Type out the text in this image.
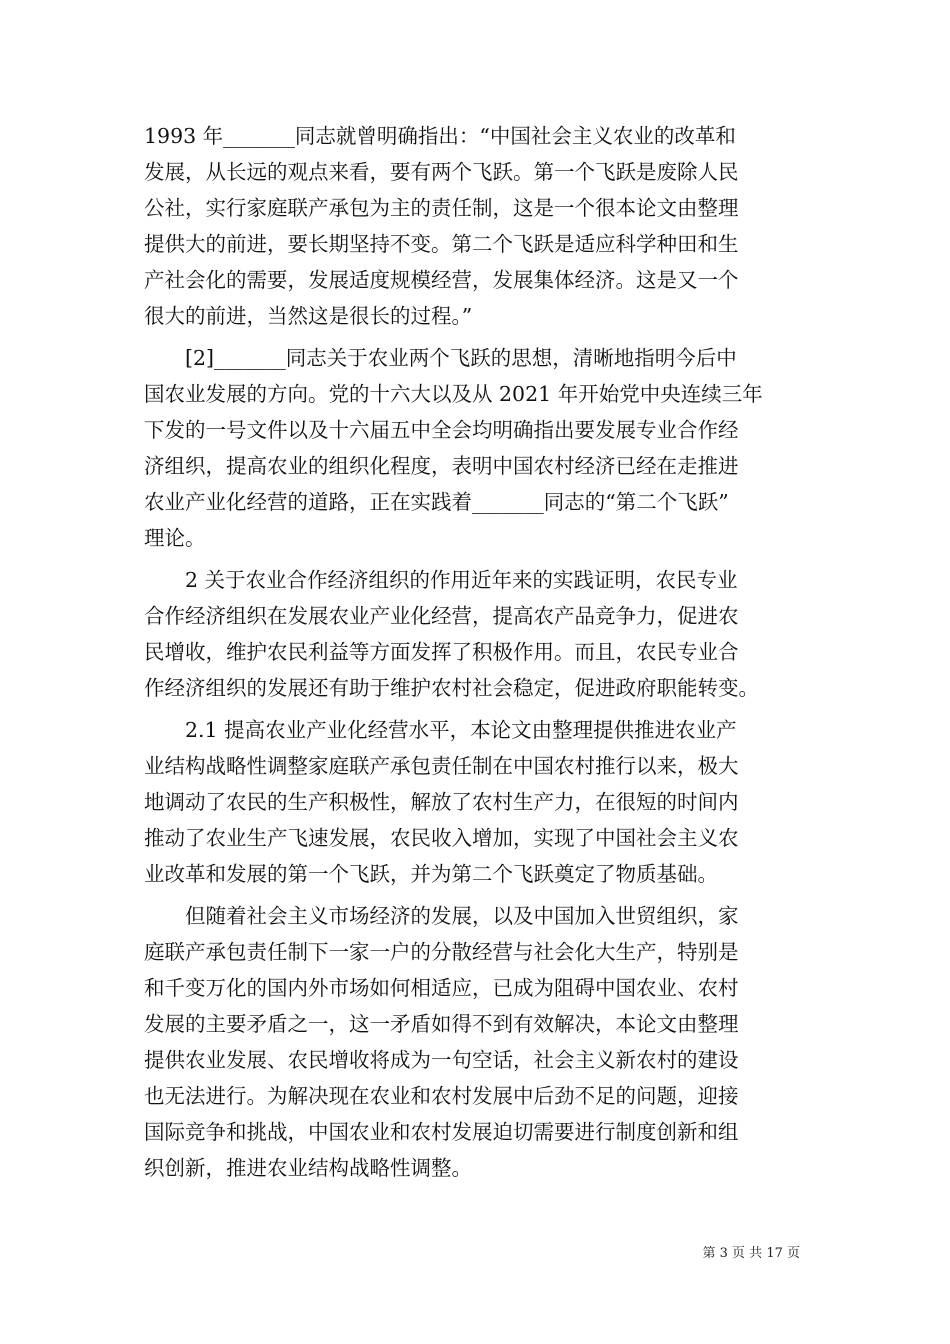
1993 年_______同志就曾明确指出：“中国社会主义农业的改革和
发展，从长远的观点来看，要有两个飞跃。第一个飞跃是废除人民
公社，实行家庭联产承包为主的责任制，这是一个很本论文由整理
提供大的前进，要长期坚持不变。第二个飞跃是适应科学种田和生
产社会化的需要，发展适度规模经营，发展集体经济。这是又一个
很大的前进，当然这是很长的过程。”
[2]_______同志关于农业两个飞跃的思想，清晰地指明今后中
国农业发展的方向。党的十六大以及从 2021 年开始党中央连续三年
下发的一号文件以及十六届五中全会均明确指出要发展专业合作经
济组织，提高农业的组织化程度，表明中国农村经济已经在走推进
农业产业化经营的道路，正在实践着_______同志的“第二个飞跃”
理论。
2 关于农业合作经济组织的作用近年来的实践证明，农民专业
合作经济组织在发展农业产业化经营，提高农产品竞争力，促进农
民增收，维护农民利益等方面发挥了积极作用。而且，农民专业合
作经济组织的发展还有助于维护农村社会稳定，促进政府职能转变。
2.1 提高农业产业化经营水平，本论文由整理提供推进农业产
业结构战略性调整家庭联产承包责任制在中国农村推行以来，极大
地调动了农民的生产积极性，解放了农村生产力，在很短的时间内
推动了农业生产飞速发展，农民收入增加，实现了中国社会主义农
业改革和发展的第一个飞跃，并为第二个飞跃奠定了物质基础。
但随着社会主义市场经济的发展，以及中国加入世贸组织，家
庭联产承包责任制下一家一户的分散经营与社会化大生产，特别是
和千变万化的国内外市场如何相适应，已成为阻碍中国农业、农村
发展的主要矛盾之一，这一矛盾如得不到有效解决，本论文由整理
提供农业发展、农民增收将成为一句空话，社会主义新农村的建设
也无法进行。为解决现在农业和农村发展中后劲不足的问题，迎接
国际竞争和挑战，中国农业和农村发展迫切需要进行制度创新和组
织创新，推进农业结构战略性调整。
第 3 页 共 17 页
